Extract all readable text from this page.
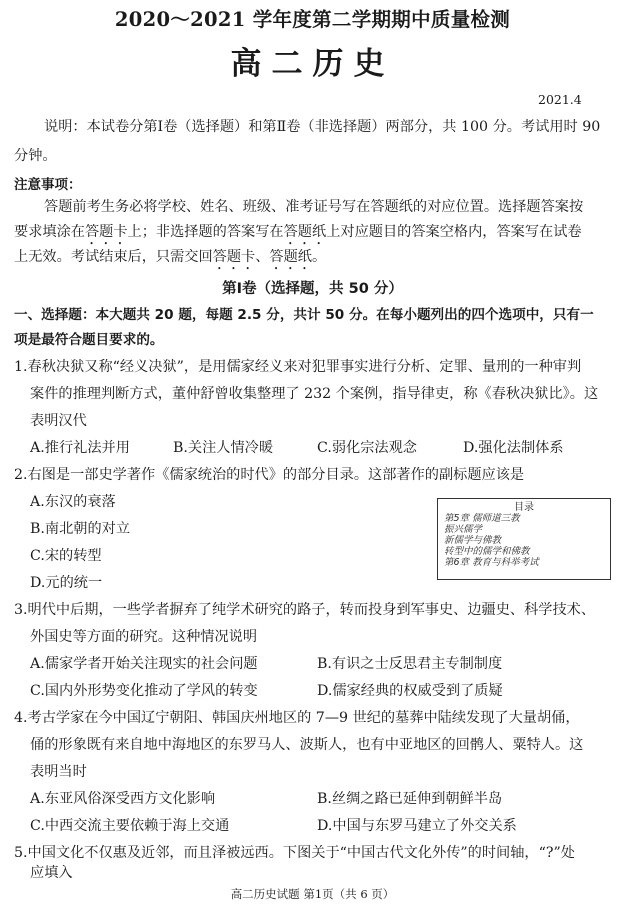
2020～2021 学年度第二学期期中质量检测
高二历史
2021.4
说明：本试卷分第Ⅰ卷（选择题）和第Ⅱ卷（非选择题）两部分，共 100 分。考试用时 90
分钟。
注意事项：
答题前考生务必将学校、姓名、班级、准考证号写在答题纸的对应位置。选择题答案按
要求填涂在答题卡上；非选择题的答案写在答题纸上对应题目的答案空格内，答案写在试卷
上无效。考试结束后，只需交回答题卡、答题纸。
第Ⅰ卷（选择题，共 50 分）
一、选择题：本大题共 20 题，每题 2.5 分，共计 50 分。在每小题列出的四个选项中，只有一
项是最符合题目要求的。
1.春秋决狱又称“经义决狱”，是用儒家经义来对犯罪事实进行分析、定罪、量刑的一种审判
案件的推理判断方式，董仲舒曾收集整理了 232 个案例，指导律吏，称《春秋决狱比》。这
表明汉代
A.推行礼法并用	B.关注人情冷暖	C.弱化宗法观念	D.强化法制体系
2.右图是一部史学著作《儒家统治的时代》的部分目录。这部著作的副标题应该是
A.东汉的衰落
B.南北朝的对立
C.宋的转型
D.元的统一
目录
第5章 儒师道三教
振兴儒学
新儒学与佛教
转型中的儒学和佛教
第6章 教育与科举考试
3.明代中后期，一些学者摒弃了纯学术研究的路子，转而投身到军事史、边疆史、科学技术、
外国史等方面的研究。这种情况说明
A.儒家学者开始关注现实的社会问题	B.有识之士反思君主专制制度
C.国内外形势变化推动了学风的转变	D.儒家经典的权威受到了质疑
4.考古学家在今中国辽宁朝阳、韩国庆州地区的 7—9 世纪的墓葬中陆续发现了大量胡俑，
俑的形象既有来自地中海地区的东罗马人、波斯人，也有中亚地区的回鹘人、粟特人。这
表明当时
A.东亚风俗深受西方文化影响	B.丝绸之路已延伸到朝鲜半岛
C.中西交流主要依赖于海上交通	D.中国与东罗马建立了外交关系
5.中国文化不仅惠及近邻，而且泽被远西。下图关于“中国古代文化外传”的时间轴，“?”处
应填入
高二历史试题 第1页（共 6 页）
